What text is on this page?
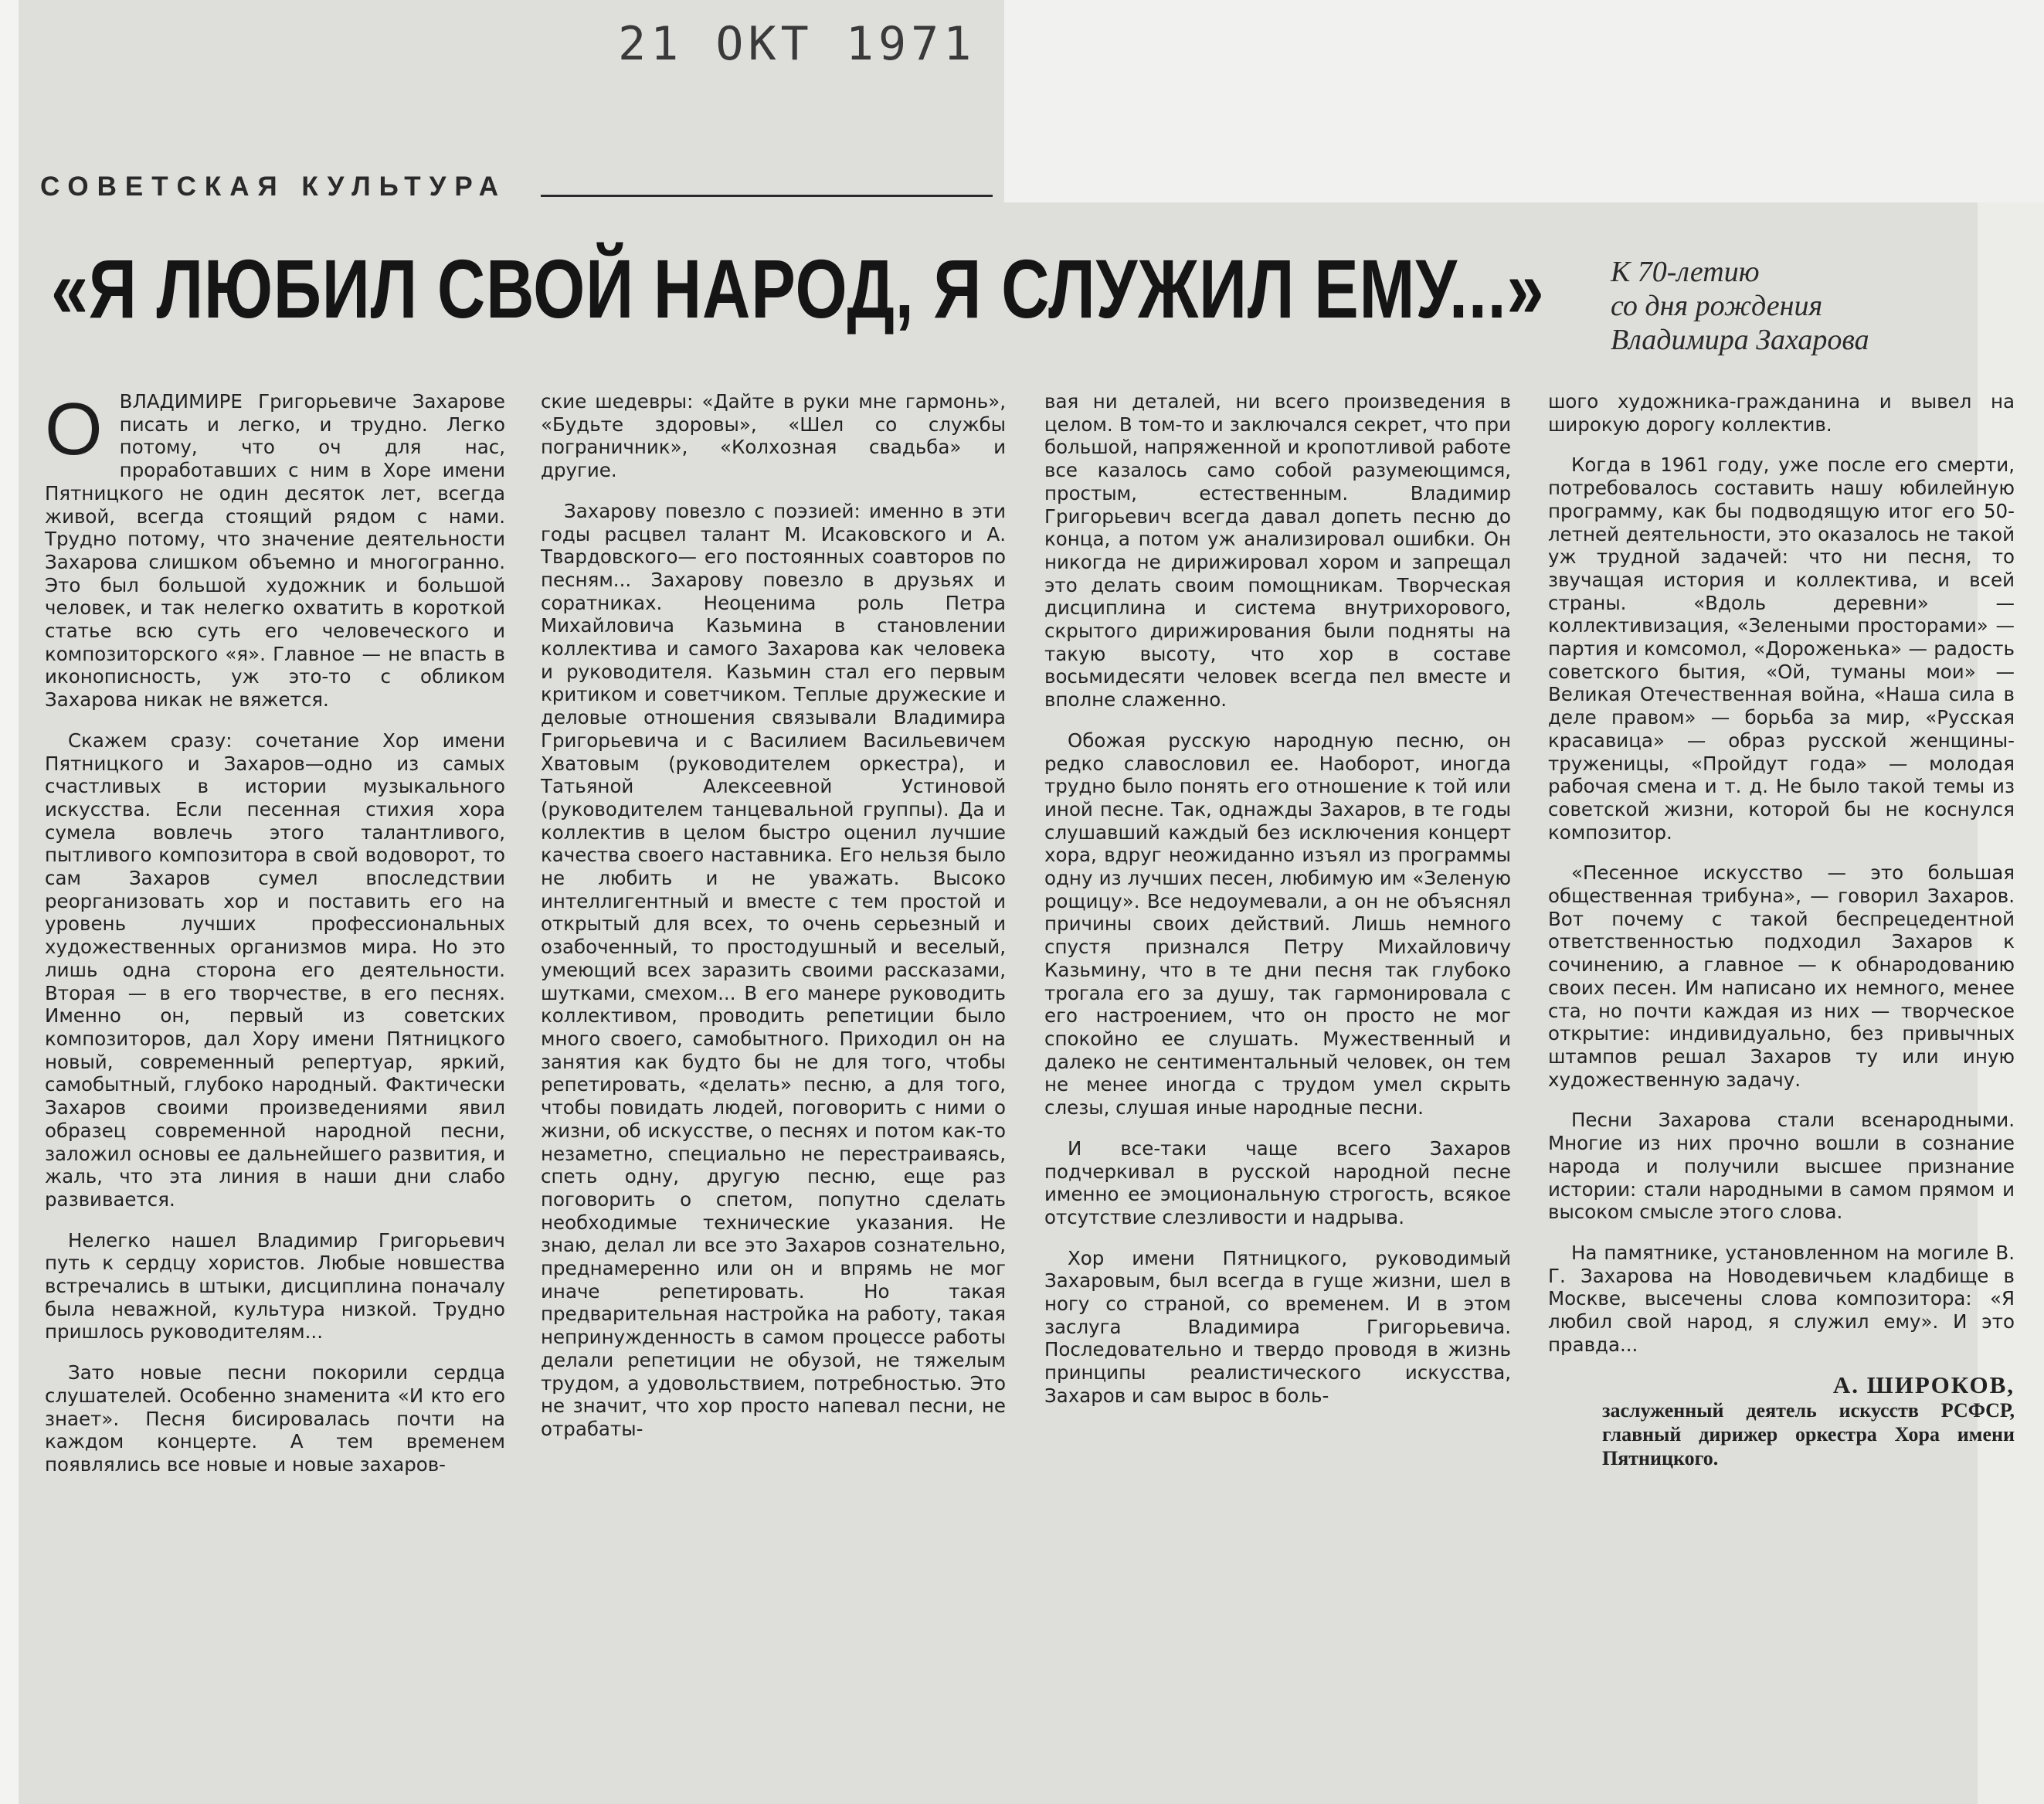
21 ОКТ 1971
СОВЕТСКАЯ КУЛЬТУРА
«Я ЛЮБИЛ СВОЙ НАРОД, Я СЛУЖИЛ ЕМУ...» К 70-летию
со дня рождения
Владимира Захарова

ОВЛАДИМИРЕ Григорьевиче Захарове писать и легко, и трудно. Легко потому, что оч для нас, проработавших с ним в Хоре имени Пятницкого не один десяток лет, всегда живой, всегда стоящий рядом с нами. Трудно потому, что значение деятельности Захарова слишком объемно и многогранно. Это был большой художник и большой человек, и так нелегко охватить в короткой статье всю суть его человеческого и композиторского «я». Главное — не впасть в иконописность, уж это-то с обликом Захарова никак не вяжется.

Скажем сразу: сочетание Хор имени Пятницкого и Захаров—одно из самых счастливых в истории музыкального искусства. Если песенная стихия хора сумела вовлечь этого талантливого, пытливого композитора в свой водоворот, то сам Захаров сумел впоследствии реорганизовать хор и поставить его на уровень лучших профессиональных художественных организмов мира. Но это лишь одна сторона его деятельности. Вторая — в его творчестве, в его песнях. Именно он, первый из советских композиторов, дал Хору имени Пятницкого новый, современный репертуар, яркий, самобытный, глубоко народный. Фактически Захаров своими произведениями явил образец современной народной песни, заложил основы ее дальнейшего развития, и жаль, что эта линия в наши дни слабо развивается.

Нелегко нашел Владимир Григорьевич путь к сердцу хористов. Любые новшества встречались в штыки, дисциплина поначалу была неважной, культура низкой. Трудно пришлось руководителям...

Зато новые песни покорили сердца слушателей. Особенно знаменита «И кто его знает». Песня бисировалась почти на каждом концерте. А тем временем появлялись все новые и новые захаров-

ские шедевры: «Дайте в руки мне гармонь», «Будьте здоровы», «Шел со службы пограничник», «Колхозная свадьба» и другие.

Захарову повезло с поэзией: именно в эти годы расцвел талант М. Исаковского и А. Твардовского— его постоянных соавторов по песням... Захарову повезло в друзьях и соратниках. Неоценима роль Петра Михайловича Казьмина в становлении коллектива и самого Захарова как человека и руководителя. Казьмин стал его первым критиком и советчиком. Теплые дружеские и деловые отношения связывали Владимира Григорьевича и с Василием Васильевичем Хватовым (руководителем оркестра), и Татьяной Алексеевной Устиновой (руководителем танцевальной группы). Да и коллектив в целом быстро оценил лучшие качества своего наставника. Его нельзя было не любить и не уважать. Высоко интеллигентный и вместе с тем простой и открытый для всех, то очень серьезный и озабоченный, то простодушный и веселый, умеющий всех заразить своими рассказами, шутками, смехом... В его манере руководить коллективом, проводить репетиции было много своего, самобытного. Приходил он на занятия как будто бы не для того, чтобы репетировать, «делать» песню, а для того, чтобы повидать людей, поговорить с ними о жизни, об искусстве, о песнях и потом как-то незаметно, специально не перестраиваясь, спеть одну, другую песню, еще раз поговорить о спетом, попутно сделать необходимые технические указания. Не знаю, делал ли все это Захаров сознательно, преднамеренно или он и впрямь не мог иначе репетировать. Но такая предварительная настройка на работу, такая непринужденность в самом процессе работы делали репетиции не обузой, не тяжелым трудом, а удовольствием, потребностью. Это не значит, что хор просто напевал песни, не отрабаты-

вая ни деталей, ни всего произведения в целом. В том-то и заключался секрет, что при большой, напряженной и кропотливой работе все казалось само собой разумеющимся, простым, естественным. Владимир Григорьевич всегда давал допеть песню до конца, а потом уж анализировал ошибки. Он никогда не дирижировал хором и запрещал это делать своим помощникам. Творческая дисциплина и система внутрихорового, скрытого дирижирования были подняты на такую высоту, что хор в составе восьмидесяти человек всегда пел вместе и вполне слаженно.

Обожая русскую народную песню, он редко славословил ее. Наоборот, иногда трудно было понять его отношение к той или иной песне. Так, однажды Захаров, в те годы слушавший каждый без исключения концерт хора, вдруг неожиданно изъял из программы одну из лучших песен, любимую им «Зеленую рощицу». Все недоумевали, а он не объяснял причины своих действий. Лишь немного спустя признался Петру Михайловичу Казьмину, что в те дни песня так глубоко трогала его за душу, так гармонировала с его настроением, что он просто не мог спокойно ее слушать. Мужественный и далеко не сентиментальный человек, он тем не менее иногда с трудом умел скрыть слезы, слушая иные народные песни.

И все-таки чаще всего Захаров подчеркивал в русской народной песне именно ее эмоциональную строгость, всякое отсутствие слезливости и надрыва.

Хор имени Пятницкого, руководимый Захаровым, был всегда в гуще жизни, шел в ногу со страной, со временем. И в этом заслуга Владимира Григорьевича. Последовательно и твердо проводя в жизнь принципы реалистического искусства, Захаров и сам вырос в боль-

шого художника-гражданина и вывел на широкую дорогу коллектив.

Когда в 1961 году, уже после его смерти, потребовалось составить нашу юбилейную программу, как бы подводящую итог его 50-летней деятельности, это оказалось не такой уж трудной задачей: что ни песня, то звучащая история и коллектива, и всей страны. «Вдоль деревни» — коллективизация, «Зелеными просторами» — партия и комсомол, «Дороженька» — радость советского бытия, «Ой, туманы мои» — Великая Отечественная война, «Наша сила в деле правом» — борьба за мир, «Русская красавица» — образ русской женщины-труженицы, «Пройдут года» — молодая рабочая смена и т. д. Не было такой темы из советской жизни, которой бы не коснулся композитор.

«Песенное искусство — это большая общественная трибуна», — говорил Захаров. Вот почему с такой беспрецедентной ответственностью подходил Захаров к сочинению, а главное — к обнародованию своих песен. Им написано их немного, менее ста, но почти каждая из них — творческое открытие: индивидуально, без привычных штампов решал Захаров ту или иную художественную задачу.

Песни Захарова стали всенародными. Многие из них прочно вошли в сознание народа и получили высшее признание истории: стали народными в самом прямом и высоком смысле этого слова.

На памятнике, установленном на могиле В. Г. Захарова на Новодевичьем кладбище в Москве, высечены слова композитора: «Я любил свой народ, я служил ему». И это правда...

А. ШИРОКОВ,
заслуженный деятель искусств РСФСР, главный дирижер оркестра Хора имени Пятницкого.
